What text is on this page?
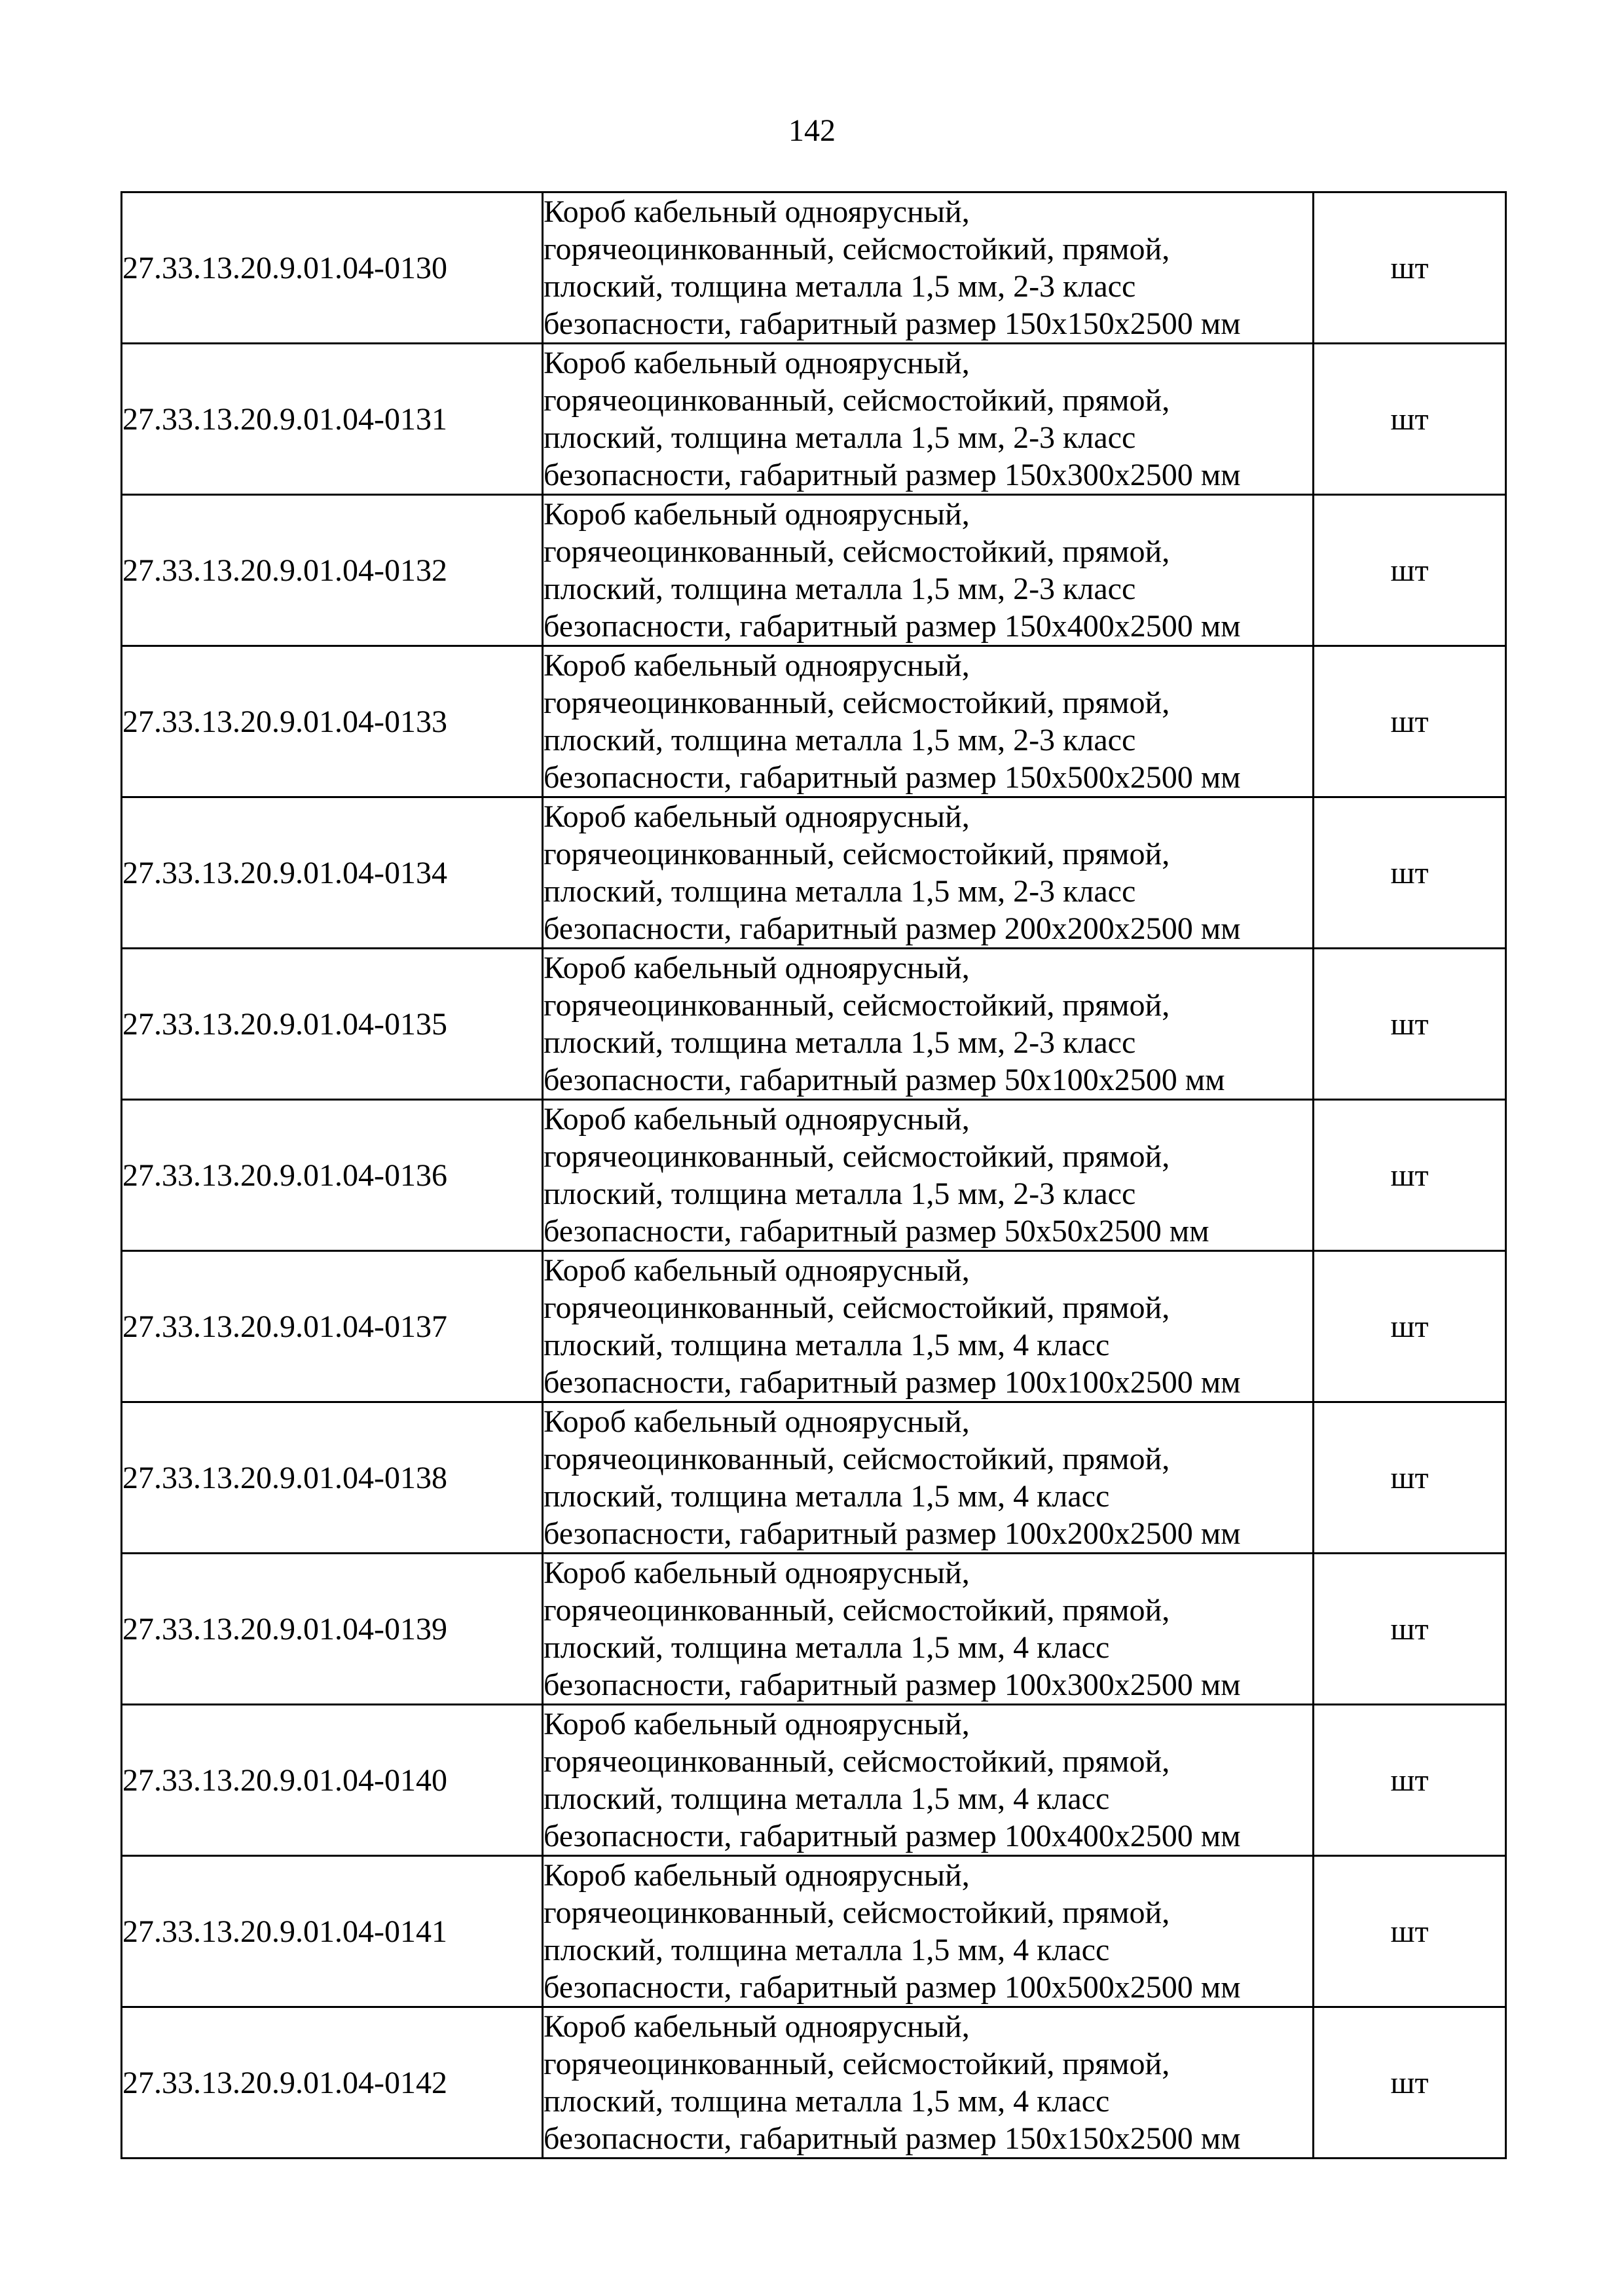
142
27.33.13.20.9.01.04-0130	Короб кабельный одноярусный,
горячеоцинкованный, сейсмостойкий, прямой,
плоский, толщина металла 1,5 мм, 2-3 класс
безопасности, габаритный размер 150x150x2500 мм	шт
27.33.13.20.9.01.04-0131	Короб кабельный одноярусный,
горячеоцинкованный, сейсмостойкий, прямой,
плоский, толщина металла 1,5 мм, 2-3 класс
безопасности, габаритный размер 150x300x2500 мм	шт
27.33.13.20.9.01.04-0132	Короб кабельный одноярусный,
горячеоцинкованный, сейсмостойкий, прямой,
плоский, толщина металла 1,5 мм, 2-3 класс
безопасности, габаритный размер 150x400x2500 мм	шт
27.33.13.20.9.01.04-0133	Короб кабельный одноярусный,
горячеоцинкованный, сейсмостойкий, прямой,
плоский, толщина металла 1,5 мм, 2-3 класс
безопасности, габаритный размер 150x500x2500 мм	шт
27.33.13.20.9.01.04-0134	Короб кабельный одноярусный,
горячеоцинкованный, сейсмостойкий, прямой,
плоский, толщина металла 1,5 мм, 2-3 класс
безопасности, габаритный размер 200x200x2500 мм	шт
27.33.13.20.9.01.04-0135	Короб кабельный одноярусный,
горячеоцинкованный, сейсмостойкий, прямой,
плоский, толщина металла 1,5 мм, 2-3 класс
безопасности, габаритный размер 50x100x2500 мм	шт
27.33.13.20.9.01.04-0136	Короб кабельный одноярусный,
горячеоцинкованный, сейсмостойкий, прямой,
плоский, толщина металла 1,5 мм, 2-3 класс
безопасности, габаритный размер 50x50x2500 мм	шт
27.33.13.20.9.01.04-0137	Короб кабельный одноярусный,
горячеоцинкованный, сейсмостойкий, прямой,
плоский, толщина металла 1,5 мм, 4 класс
безопасности, габаритный размер 100x100x2500 мм	шт
27.33.13.20.9.01.04-0138	Короб кабельный одноярусный,
горячеоцинкованный, сейсмостойкий, прямой,
плоский, толщина металла 1,5 мм, 4 класс
безопасности, габаритный размер 100x200x2500 мм	шт
27.33.13.20.9.01.04-0139	Короб кабельный одноярусный,
горячеоцинкованный, сейсмостойкий, прямой,
плоский, толщина металла 1,5 мм, 4 класс
безопасности, габаритный размер 100x300x2500 мм	шт
27.33.13.20.9.01.04-0140	Короб кабельный одноярусный,
горячеоцинкованный, сейсмостойкий, прямой,
плоский, толщина металла 1,5 мм, 4 класс
безопасности, габаритный размер 100x400x2500 мм	шт
27.33.13.20.9.01.04-0141	Короб кабельный одноярусный,
горячеоцинкованный, сейсмостойкий, прямой,
плоский, толщина металла 1,5 мм, 4 класс
безопасности, габаритный размер 100x500x2500 мм	шт
27.33.13.20.9.01.04-0142	Короб кабельный одноярусный,
горячеоцинкованный, сейсмостойкий, прямой,
плоский, толщина металла 1,5 мм, 4 класс
безопасности, габаритный размер 150x150x2500 мм	шт
